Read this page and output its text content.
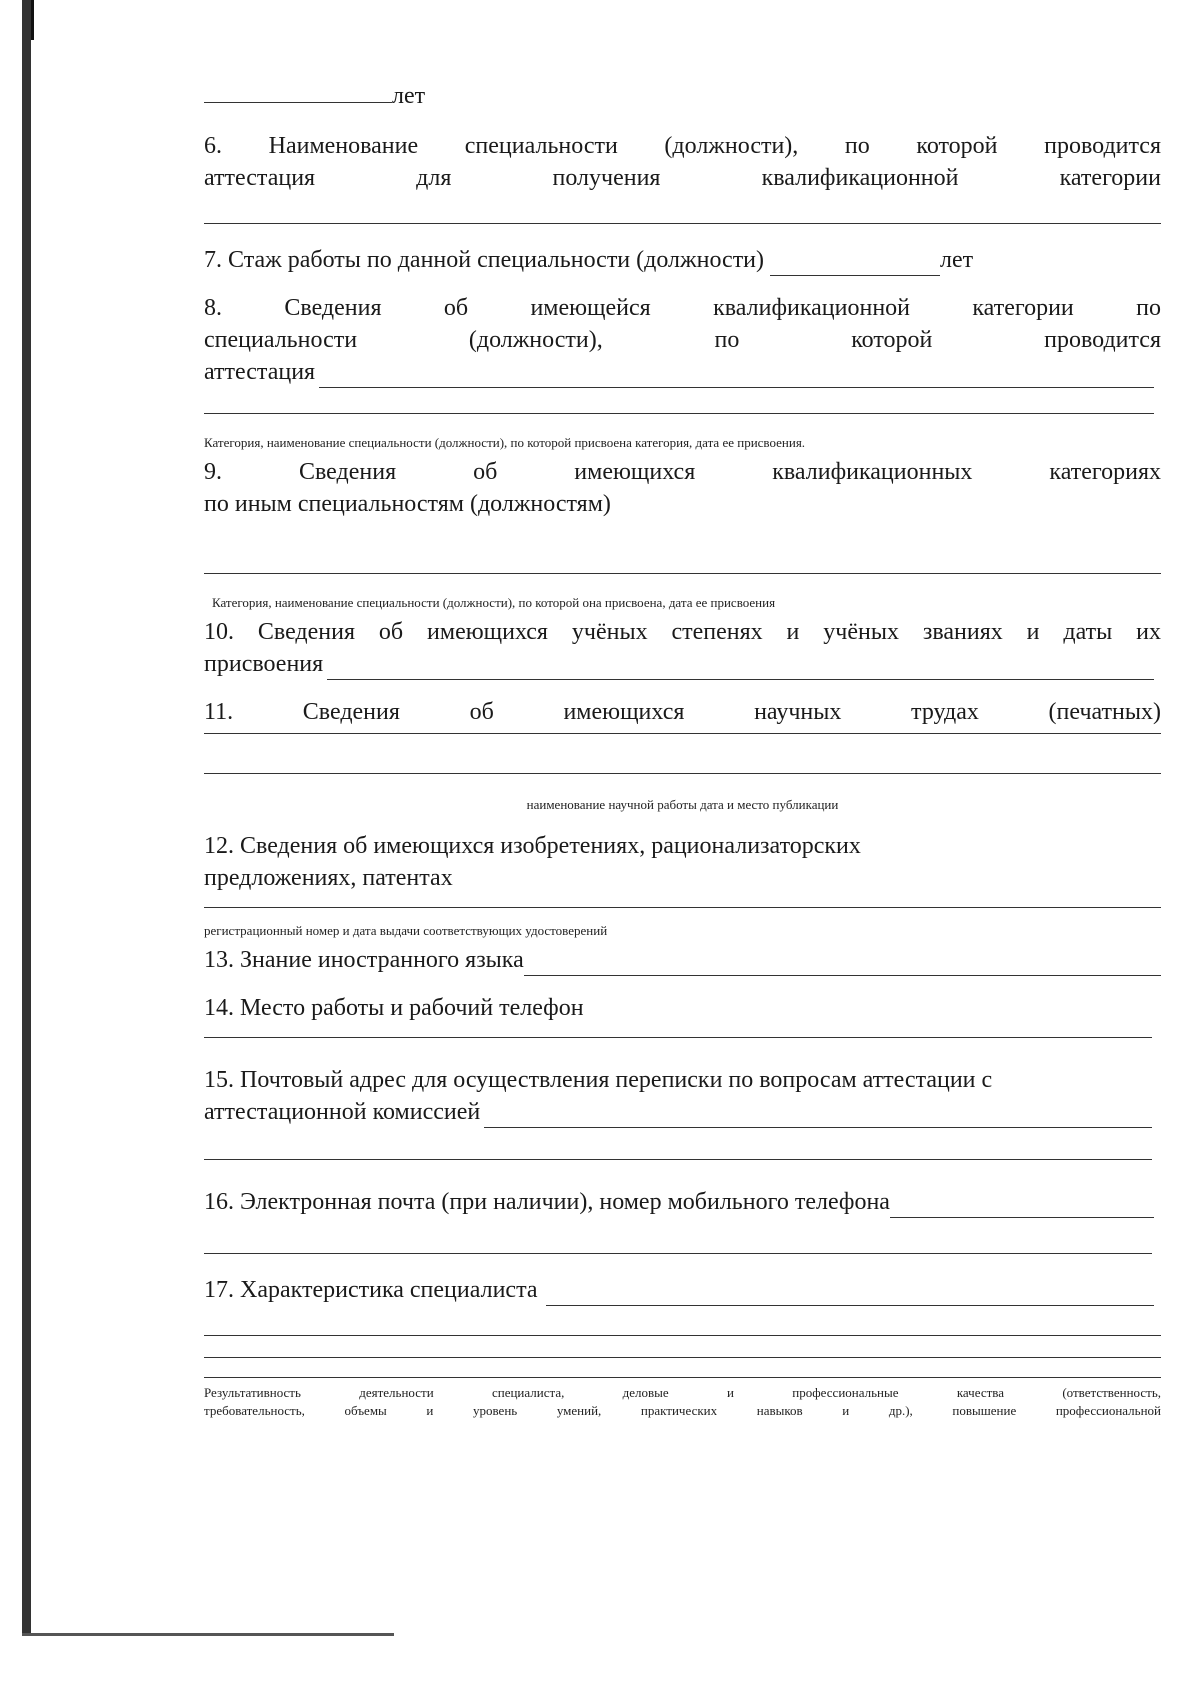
лет
6. Наименование специальности (должности), по которой проводится
аттестация для получения квалификационной категории
7. Стаж работы по данной специальности (должности)	лет
8. Сведения об имеющейся квалификационной категории по
специальности (должности), по которой проводится
аттестация
Категория, наименование специальности (должности), по которой присвоена категория, дата ее присвоения.
9. Сведения об имеющихся квалификационных категориях
по иным специальностям (должностям)
Категория, наименование специальности (должности), по которой она присвоена, дата ее присвоения
10. Сведения об имеющихся учёных степенях и учёных званиях и даты их
присвоения
11. Сведения об имеющихся научных трудах (печатных)
наименование научной работы дата и место публикации
12. Сведения об имеющихся изобретениях, рационализаторских
предложениях, патентах
регистрационный номер и дата выдачи соответствующих удостоверений
13. Знание иностранного языка
14. Место работы и рабочий телефон
15. Почтовый адрес для осуществления переписки по вопросам аттестации с
аттестационной комиссией
16. Электронная почта (при наличии), номер мобильного телефона
17. Характеристика специалиста
Результативность деятельности специалиста, деловые и профессиональные качества (ответственность,
требовательность, объемы и уровень умений, практических навыков и др.), повышение профессиональной
